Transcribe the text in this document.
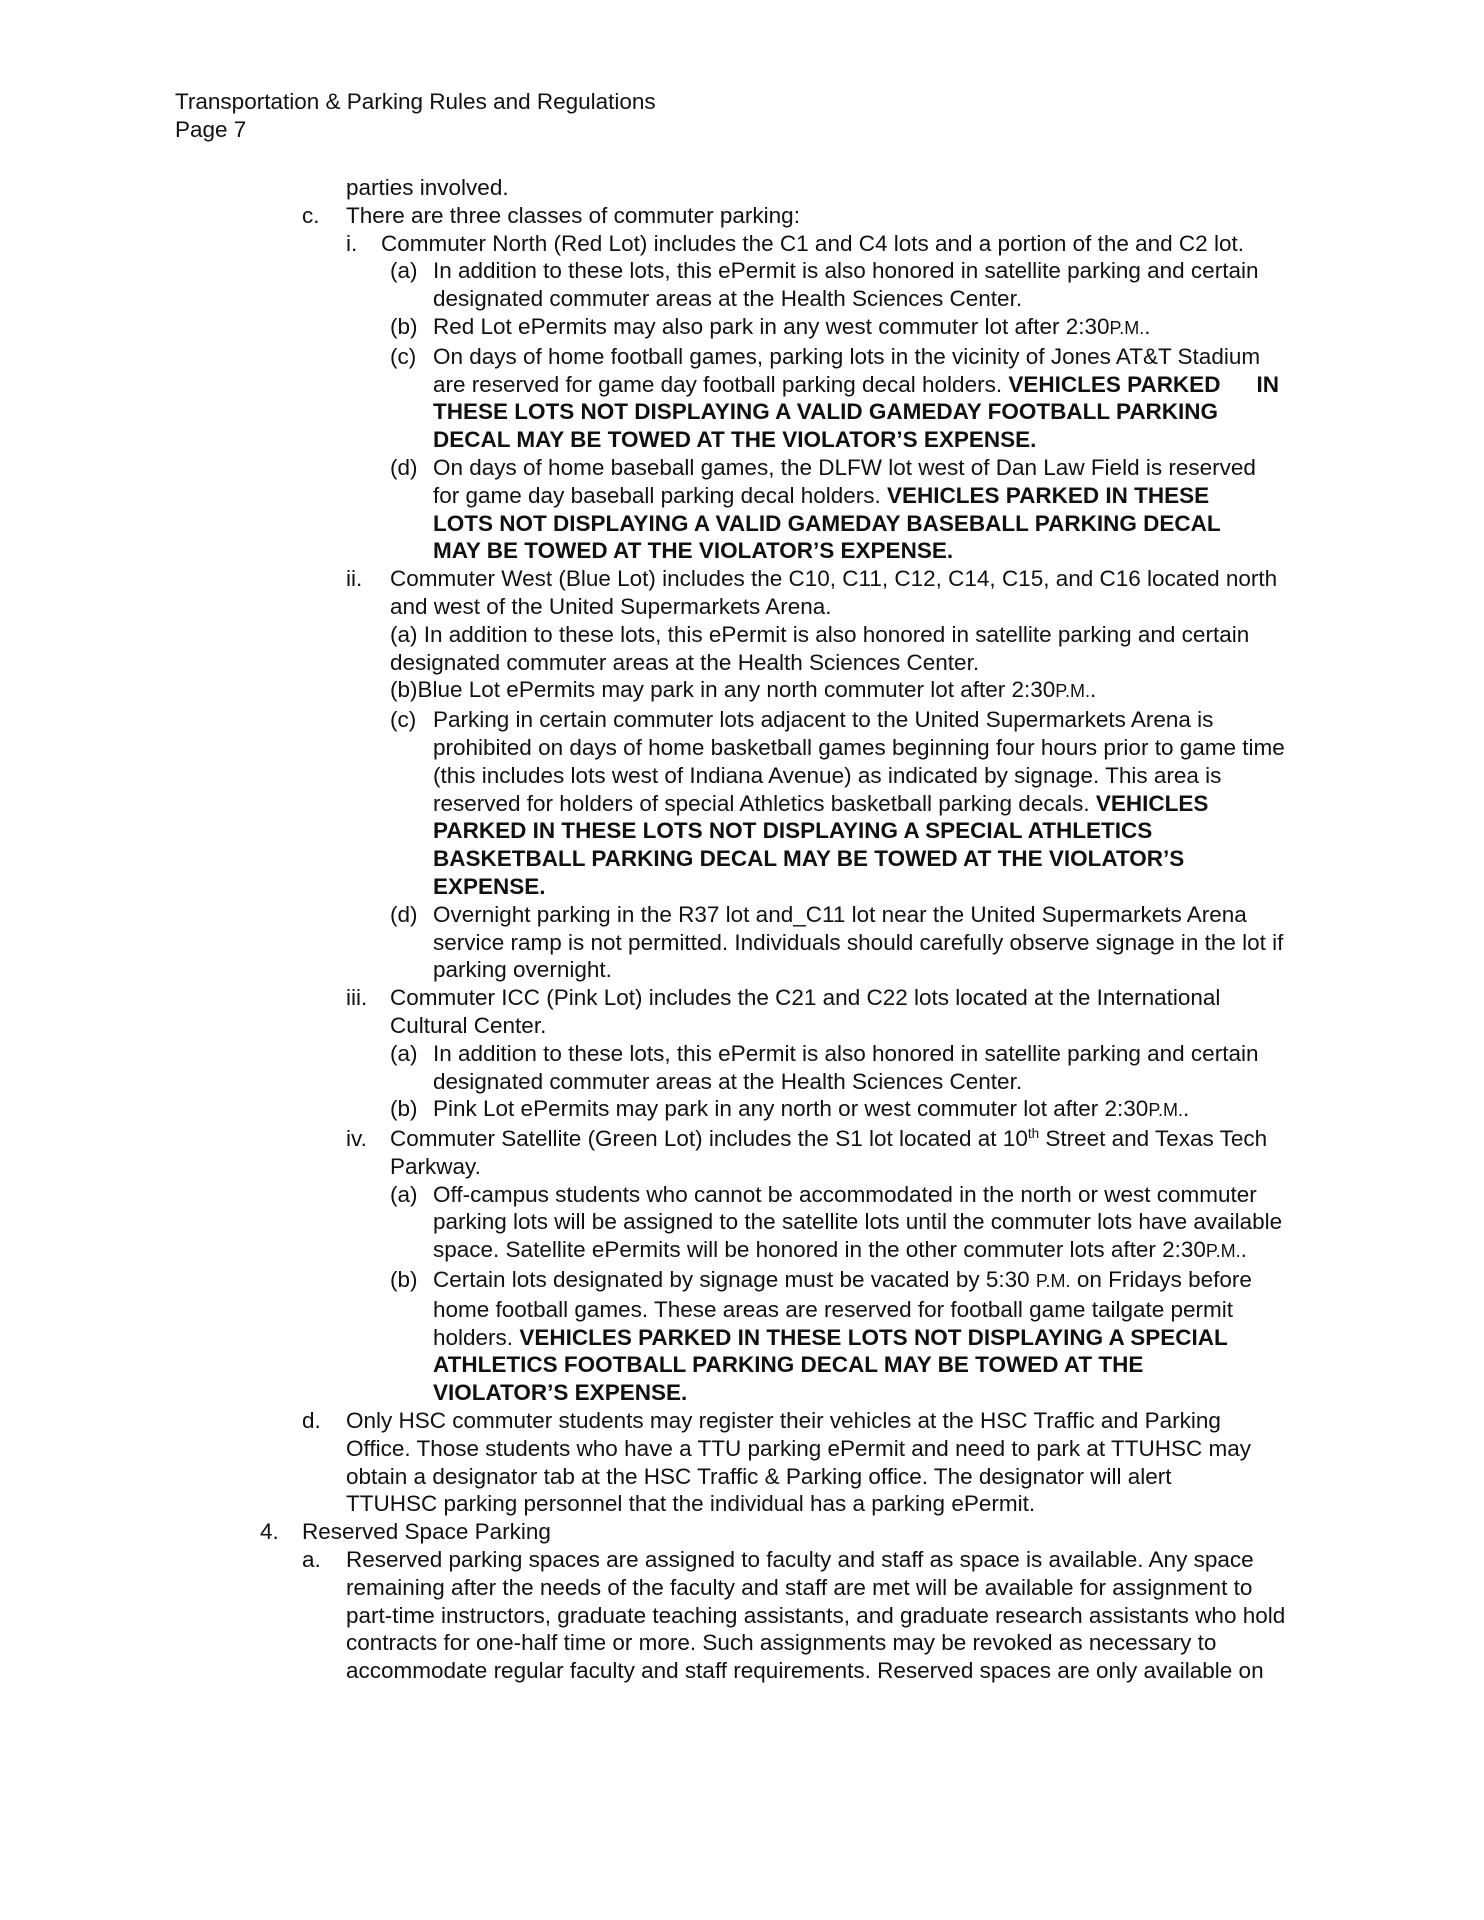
Transportation & Parking Rules and Regulations
Page 7
parties involved.
c. There are three classes of commuter parking:
i. Commuter North (Red Lot) includes the C1 and C4 lots and a portion of the and C2 lot.
(a) In addition to these lots, this ePermit is also honored in satellite parking and certain
designated commuter areas at the Health Sciences Center.
(b) Red Lot ePermits may also park in any west commuter lot after 2:30P.M..
(c) On days of home football games, parking lots in the vicinity of Jones AT&T Stadium
are reserved for game day football parking decal holders. VEHICLES PARKED IN
THESE LOTS NOT DISPLAYING A VALID GAMEDAY FOOTBALL PARKING
DECAL MAY BE TOWED AT THE VIOLATOR’S EXPENSE.
(d) On days of home baseball games, the DLFW lot west of Dan Law Field is reserved
for game day baseball parking decal holders. VEHICLES PARKED IN THESE
LOTS NOT DISPLAYING A VALID GAMEDAY BASEBALL PARKING DECAL
MAY BE TOWED AT THE VIOLATOR’S EXPENSE.
ii. Commuter West (Blue Lot) includes the C10, C11, C12, C14, C15, and C16 located north
and west of the United Supermarkets Arena.
(a) In addition to these lots, this ePermit is also honored in satellite parking and certain
designated commuter areas at the Health Sciences Center.
(b)Blue Lot ePermits may park in any north commuter lot after 2:30P.M..
(c) Parking in certain commuter lots adjacent to the United Supermarkets Arena is
prohibited on days of home basketball games beginning four hours prior to game time
(this includes lots west of Indiana Avenue) as indicated by signage. This area is
reserved for holders of special Athletics basketball parking decals. VEHICLES
PARKED IN THESE LOTS NOT DISPLAYING A SPECIAL ATHLETICS
BASKETBALL PARKING DECAL MAY BE TOWED AT THE VIOLATOR’S
EXPENSE.
(d) Overnight parking in the R37 lot and_C11 lot near the United Supermarkets Arena
service ramp is not permitted. Individuals should carefully observe signage in the lot if
parking overnight.
iii. Commuter ICC (Pink Lot) includes the C21 and C22 lots located at the International
Cultural Center.
(a) In addition to these lots, this ePermit is also honored in satellite parking and certain
designated commuter areas at the Health Sciences Center.
(b) Pink Lot ePermits may park in any north or west commuter lot after 2:30P.M..
iv. Commuter Satellite (Green Lot) includes the S1 lot located at 10th Street and Texas Tech
Parkway.
(a) Off-campus students who cannot be accommodated in the north or west commuter
parking lots will be assigned to the satellite lots until the commuter lots have available
space. Satellite ePermits will be honored in the other commuter lots after 2:30P.M..
(b) Certain lots designated by signage must be vacated by 5:30 P.M. on Fridays before
home football games. These areas are reserved for football game tailgate permit
holders. VEHICLES PARKED IN THESE LOTS NOT DISPLAYING A SPECIAL
ATHLETICS FOOTBALL PARKING DECAL MAY BE TOWED AT THE
VIOLATOR’S EXPENSE.
d. Only HSC commuter students may register their vehicles at the HSC Traffic and Parking
Office. Those students who have a TTU parking ePermit and need to park at TTUHSC may
obtain a designator tab at the HSC Traffic & Parking office. The designator will alert
TTUHSC parking personnel that the individual has a parking ePermit.
4. Reserved Space Parking
a. Reserved parking spaces are assigned to faculty and staff as space is available. Any space
remaining after the needs of the faculty and staff are met will be available for assignment to
part-time instructors, graduate teaching assistants, and graduate research assistants who hold
contracts for one-half time or more. Such assignments may be revoked as necessary to
accommodate regular faculty and staff requirements. Reserved spaces are only available on
